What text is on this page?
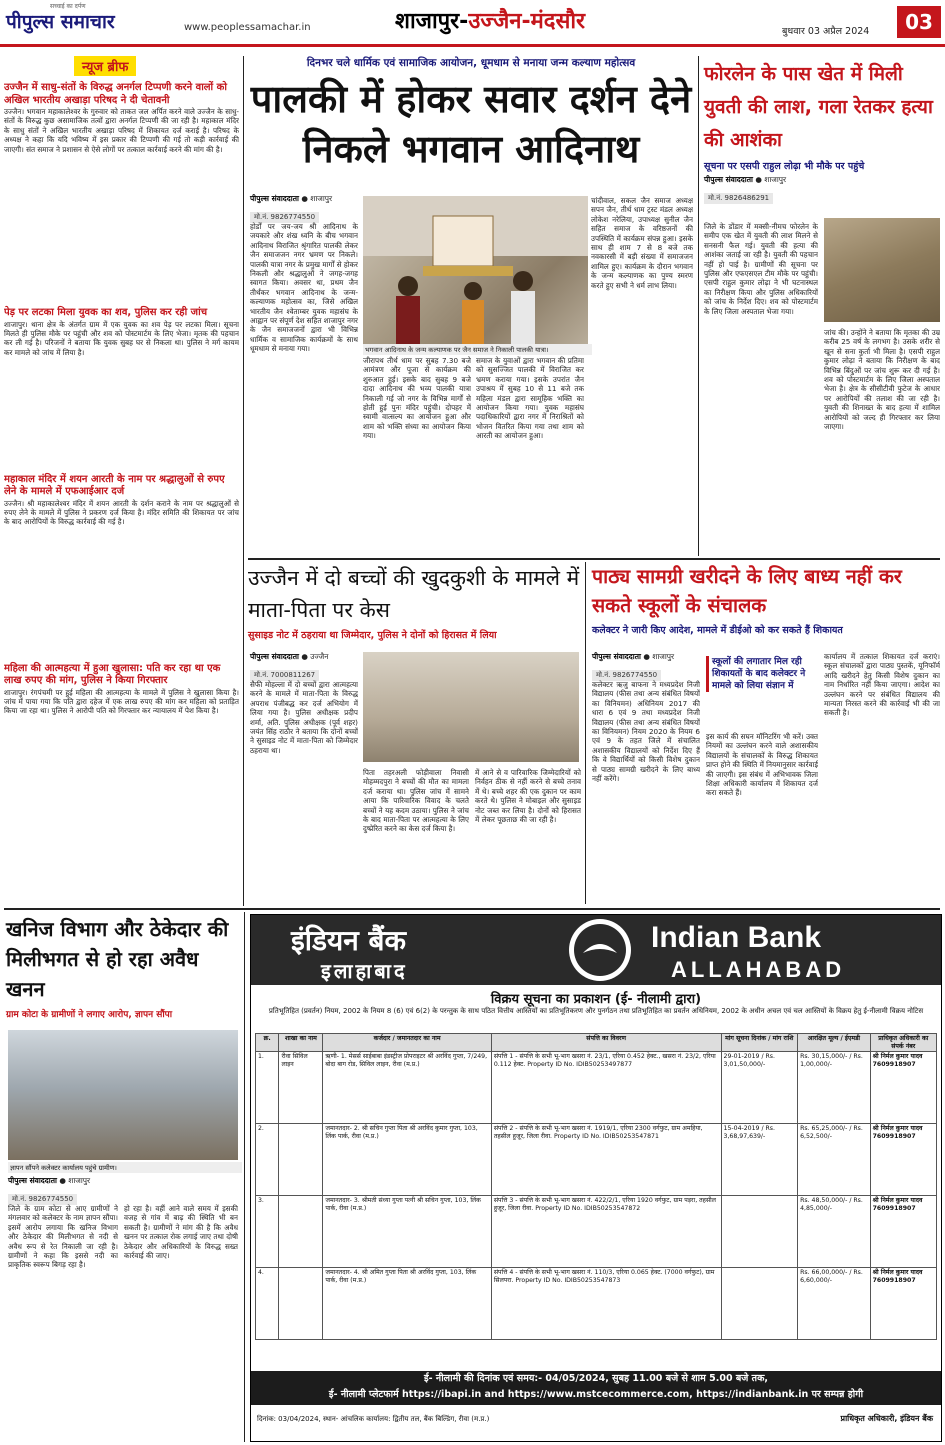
पीपुल्स समाचार
सच्चाई का दर्पण
www.peoplessamachar.in	शाजापुर-उज्जैन-मंदसौर	बुधवार 03 अप्रैल 2024	03
न्यूज ब्रीफ
उज्जैन में साधु-संतों के विरुद्ध अनर्गल टिप्पणी करने वालों को अखिल भारतीय अखाड़ा परिषद ने दी चेतावनी
उज्जैन। भगवान महाकालेश्वर के गुरुवार को ताकत जल अर्पित करने वाले उज्जैन के साधु-संतों के विरुद्ध कुछ असामाजिक तत्वों द्वारा अनर्गल टिप्पणी की जा रही है। महाकाल मंदिर के साधु संतों ने अखिल भारतीय अखाड़ा परिषद में शिकायत दर्ज कराई है। परिषद के अध्यक्ष ने कहा कि यदि भविष्य में इस प्रकार की टिप्पणी की गई तो कड़ी कार्रवाई की जाएगी। संत समाज ने प्रशासन से ऐसे लोगों पर तत्काल कार्रवाई करने की मांग की है।
पेड़ पर लटका मिला युवक का शव, पुलिस कर रही जांच
शाजापुर। थाना क्षेत्र के अंतर्गत ग्राम में एक युवक का शव पेड़ पर लटका मिला। सूचना मिलते ही पुलिस मौके पर पहुंची और शव को पोस्टमार्टम के लिए भेजा। मृतक की पहचान कर ली गई है। परिजनों ने बताया कि युवक सुबह घर से निकला था। पुलिस ने मर्ग कायम कर मामले को जांच में लिया है।
महाकाल मंदिर में शयन आरती के नाम पर श्रद्धालुओं से रुपए लेने के मामले में एफआईआर दर्ज
उज्जैन। श्री महाकालेश्वर मंदिर में शयन आरती के दर्शन कराने के नाम पर श्रद्धालुओं से रुपए लेने के मामले में पुलिस ने प्रकरण दर्ज किया है। मंदिर समिति की शिकायत पर जांच के बाद आरोपियों के विरुद्ध कार्रवाई की गई है।
महिला की आत्महत्या में हुआ खुलासा: पति कर रहा था एक लाख रुपए की मांग, पुलिस ने किया गिरफ्तार
शाजापुर। रंगपंचमी पर हुई महिला की आत्महत्या के मामले में पुलिस ने खुलासा किया है। जांच में पाया गया कि पति द्वारा दहेज में एक लाख रुपए की मांग कर महिला को प्रताड़ित किया जा रहा था। पुलिस ने आरोपी पति को गिरफ्तार कर न्यायालय में पेश किया है।
दिनभर चले धार्मिक एवं सामाजिक आयोजन, धूमधाम से मनाया जन्म कल्याण महोत्सव
पालकी में होकर सवार दर्शन देने निकले भगवान आदिनाथ
पीपुल्स संवाददाता ● शाजापुर
मो.नं. 9826774550
होर्डों पर जय-जय श्री आदिनाथ के जयकारे और शंख ध्वनि के बीच भगवान आदिनाथ विराजित श्रृंगारित पालकी लेकर जैन समाजजन नगर भ्रमण पर निकले। पालकी यात्रा नगर के प्रमुख मार्गों से होकर निकली और श्रद्धालुओं ने जगह-जगह स्वागत किया। अवसर था, प्रथम जैन तीर्थंकर भगवान आदिनाथ के जन्म-कल्याणक महोत्सव का, जिसे अखिल भारतीय जैन श्वेताम्बर युवक महासंघ के आह्वान पर संपूर्ण देश सहित शाजापुर नगर के जैन समाजजनों द्वारा भी विभिन्न धार्मिक व सामाजिक कार्यक्रमों के साथ धूमधाम से मनाया गया।	भगवान आदिनाथ के जन्म कल्याणक पर जैन समाज ने निकाली पालकी यात्रा।
जीरापथ तीर्थ धाम पर सुबह 7.30 बजे आमंत्रण और पूजा से कार्यक्रम की शुरुआत हुई। इसके बाद सुबह 9 बजे दादा आदिनाथ की भव्य पालकी यात्रा निकाली गई जो नगर के विभिन्न मार्गों से होती हुई पुनः मंदिर पहुंची। दोपहर में स्वामी वात्सल्य का आयोजन हुआ और शाम को भक्ति संध्या का आयोजन किया गया।
समाज के युवाओं द्वारा भगवान की प्रतिमा को सुसज्जित पालकी में विराजित कर भ्रमण कराया गया। इसके उपरांत जैन उपाश्रय में सुबह 10 से 11 बजे तक महिला मंडल द्वारा सामूहिक भक्ति का आयोजन किया गया। युवक महासंघ पदाधिकारियों द्वारा नगर में निराश्रितों को भोजन वितरित किया गया तथा शाम को आरती का आयोजन हुआ।
चांदीवाल, सकल जैन समाज अध्यक्ष सपन जैन, तीर्थ धाम ट्रस्ट मंडल अध्यक्ष लोकेश नरेलिया, उपाध्यक्ष सुनील जैन सहित समाज के वरिष्ठजनों की उपस्थिति में कार्यक्रम संपन्न हुआ। इसके साथ ही शाम 7 से 8 बजे तक नवकारसी में बड़ी संख्या में समाजजन शामिल हुए। कार्यक्रम के दौरान भगवान के जन्म कल्याणक का पुण्य स्मरण करते हुए सभी ने धर्म लाभ लिया।
फोरलेन के पास खेत में मिली युवती की लाश, गला रेतकर हत्या की आशंका
सूचना पर एसपी राहुल लोढ़ा भी मौके पर पहुंचे
पीपुल्स संवाददाता ● शाजापुर
मो.नं. 9826486291
जिले के डोंडार में मक्सी-नीमच फोरलेन के समीप एक खेत में युवती की लाश मिलने से सनसनी फैल गई। युवती की हत्या की आशंका जताई जा रही है। युवती की पहचान नहीं हो पाई है। ग्रामीणों की सूचना पर पुलिस और एफएसएल टीम मौके पर पहुंची। एसपी राहुल कुमार लोढ़ा ने भी घटनास्थल का निरीक्षण किया और पुलिस अधिकारियों को जांच के निर्देश दिए। शव को पोस्टमार्टम के लिए जिला अस्पताल भेजा गया।
जांच की। उन्होंने ने बताया कि मृतका की उम्र करीब 25 वर्ष के लगभग है। उसके शरीर से खून से सना कुर्ता भी मिला है। एसपी राहुल कुमार लोढ़ा ने बताया कि निरीक्षण के बाद विभिन्न बिंदुओं पर जांच शुरू कर दी गई है। शव को पोस्टमार्टम के लिए जिला अस्पताल भेजा है। क्षेत्र के सीसीटीवी फुटेज के आधार पर आरोपियों की तलाश की जा रही है। युवती की शिनाख्त के बाद हत्या में शामिल आरोपियों को जल्द ही गिरफ्तार कर लिया जाएगा।
उज्जैन में दो बच्चों की खुदकुशी के मामले में माता-पिता पर केस
सुसाइड नोट में ठहराया था जिम्मेदार, पुलिस ने दोनों को हिरासत में लिया
पीपुल्स संवाददाता ● उज्जैन
मो.नं. 7000811267
सैफी मोहल्ला में दो बच्चों द्वारा आत्महत्या करने के मामले में माता-पिता के विरुद्ध अपराध पंजीबद्ध कर दर्ज अभियोग में लिया गया है। पुलिस अधीक्षक प्रदीप शर्मा, अति. पुलिस अधीक्षक (पूर्व शहर) जयंत सिंह राठौर ने बताया कि दोनों बच्चों ने सुसाइड नोट में माता-पिता को जिम्मेदार ठहराया था।
पिता तहरअली फोड़ीवाला निवासी मोहम्मदपुरा ने बच्चों की मौत का मामला दर्ज कराया था। पुलिस जांच में सामने आया कि पारिवारिक विवाद के चलते बच्चों ने यह कदम उठाया। पुलिस ने जांच के बाद माता-पिता पर आत्महत्या के लिए दुष्प्रेरित करने का केस दर्ज किया है।
में आने से व पारिवारिक जिम्मेदारियों को निर्वहन ठीक से नहीं करने से बच्चे तनाव में थे। बच्चे शहर की एक दुकान पर काम करते थे। पुलिस ने मोबाइल और सुसाइड नोट जब्त कर लिया है। दोनों को हिरासत में लेकर पूछताछ की जा रही है।
पाठ्य सामग्री खरीदने के लिए बाध्य नहीं कर सकते स्कूलों के संचालक
कलेक्टर ने जारी किए आदेश, मामले में डीईओ को कर सकते हैं शिकायत
पीपुल्स संवाददाता ● शाजापुर
मो.नं. 9826774550
कलेक्टर ऋजु बाफना ने मध्यप्रदेश निजी विद्यालय (फीस तथा अन्य संबंधित विषयों का विनियमन) अधिनियम 2017 की धारा 6 एवं 9 तथा मध्यप्रदेश निजी विद्यालय (फीस तथा अन्य संबंधित विषयों का विनियमन) नियम 2020 के नियम 6 एवं 9 के तहत जिले में संचालित अशासकीय विद्यालयों को निर्देश दिए हैं कि वे विद्यार्थियों को किसी विशेष दुकान से पाठ्य सामग्री खरीदने के लिए बाध्य नहीं करेंगे।
स्कूलों की लगातार मिल रही शिकायतों के बाद कलेक्टर ने मामले को लिया संज्ञान में
इस कार्य की सघन मॉनिटरिंग भी करें। उक्त नियमों का उल्लंघन करने वाले अशासकीय विद्यालयों के संचालकों के विरुद्ध शिकायत प्राप्त होने की स्थिति में नियमानुसार कार्रवाई की जाएगी। इस संबंध में अभिभावक जिला शिक्षा अधिकारी कार्यालय में शिकायत दर्ज करा सकते हैं।
कार्यालय में तत्काल शिकायत दर्ज कराएं। स्कूल संचालकों द्वारा पाठ्य पुस्तकें, यूनिफॉर्म आदि खरीदने हेतु किसी विशेष दुकान का नाम निर्धारित नहीं किया जाएगा। आदेश का उल्लंघन करने पर संबंधित विद्यालय की मान्यता निरस्त करने की कार्रवाई भी की जा सकती है।
खनिज विभाग और ठेकेदार की मिलीभगत से हो रहा अवैध खनन
ग्राम कोटा के ग्रामीणों ने लगाए आरोप, ज्ञापन सौंपा
ज्ञापन सौंपने कलेक्टर कार्यालय पहुंचे ग्रामीण।
पीपुल्स संवाददाता ● शाजापुर
मो.नं. 9826774550
जिले के ग्राम कोटा से आए ग्रामीणों ने मंगलवार को कलेक्टर के नाम ज्ञापन सौंपा। इसमें आरोप लगाया कि खनिज विभाग और ठेकेदार की मिलीभगत से नदी से अवैध रूप से रेत निकाली जा रही है। ग्रामीणों ने कहा कि इससे नदी का प्राकृतिक स्वरूप बिगड़ रहा है।
हो रहा है। वहीं आने वाले समय में इसकी वजह से गांव में बाढ़ की स्थिति भी बन सकती है। ग्रामीणों ने मांग की है कि अवैध खनन पर तत्काल रोक लगाई जाए तथा दोषी ठेकेदार और अधिकारियों के विरुद्ध सख्त कार्रवाई की जाए।
इंडियन बैंक	Indian Bank
इलाहाबाद	ALLAHABAD
विक्रय सूचना का प्रकाशन (ई- नीलामी द्वारा)
प्रतिभूतिहित (प्रवर्तन) नियम, 2002 के नियम 8 (6) एवं 6(2) के परन्तुक के साथ पठित वित्तीय आस्तियों का प्रतिभूतिकरण और पुनर्गठन तथा प्रतिभूतिहित का प्रवर्तन अधिनियम, 2002 के अधीन अचल एवं चल आस्तियों के विक्रय हेतु ई-नीलामी विक्रय नोटिस
क्र.	शाखा का नाम	कर्जदार / जमानतदार का नाम	संपत्ति का विवरण	मांग सूचना दिनांक / मांग राशि	आरक्षित मूल्य / ईएमडी	प्राधिकृत अधिकारी का संपर्क नंबर
1.	रीवा सिविल लाइन	ऋणी- 1. मेसर्स साईबाबा इंडस्ट्रीज प्रोपराइटर श्री अरविंद गुप्ता, 7/249, बोदा बाग रोड, सिविल लाइन, रीवा (म.प्र.)	संपत्ति 1 - संपत्ति के सभी भू-भाग खसरा नं. 23/1, एरिया 0.452 हेक्ट., खसरा नं. 23/2, एरिया 0.112 हेक्ट. Property ID No. IDIB50253497877	29-01-2019 / Rs. 3,01,50,000/-	Rs. 30,15,000/- / Rs. 1,00,000/-	श्री निर्मल कुमार यादव 7609918907
2.		जमानतदार- 2. श्री सचिन गुप्ता पिता श्री अरविंद कुमार गुप्ता, 103, लिंक पार्क, रीवा (म.प्र.)	संपत्ति 2 - संपत्ति के सभी भू-भाग खसरा नं. 1919/1, एरिया 2300 वर्गफुट, ग्राम अमहिया, तहसील हुजूर, जिला रीवा. Property ID No. IDIB50253547871	15-04-2019 / Rs. 3,68,97,639/-	Rs. 65,25,000/- / Rs. 6,52,500/-	श्री निर्मल कुमार यादव 7609918907
3.		जमानतदार- 3. श्रीमती संध्या गुप्ता पत्नी श्री सचिन गुप्ता, 103, लिंक पार्क, रीवा (म.प्र.)	संपत्ति 3 - संपत्ति के सभी भू-भाग खसरा नं. 422/2/1, एरिया 1920 वर्गफुट, ग्राम पड़रा, तहसील हुजूर, जिला रीवा. Property ID No. IDIB50253547872		Rs. 48,50,000/- / Rs. 4,85,000/-	श्री निर्मल कुमार यादव 7609918907
4.		जमानतदार- 4. श्री अमित गुप्ता पिता श्री अरविंद गुप्ता, 103, लिंक पार्क, रीवा (म.प्र.)	संपत्ति 4 - संपत्ति के सभी भू-भाग खसरा नं. 110/3, एरिया 0.065 हेक्ट. (7000 वर्गफुट), ग्राम सिलपरा. Property ID No. IDIB50253547873		Rs. 66,00,000/- / Rs. 6,60,000/-	श्री निर्मल कुमार यादव 7609918907
ई- नीलामी की दिनांक एवं समय:- 04/05/2024, सुबह 11.00 बजे से शाम 5.00 बजे तक,
ई- नीलामी प्लेटफार्म https://ibapi.in and https://www.mstcecommerce.com, https://indianbank.in पर सम्पन्न होगी
दिनांक: 03/04/2024, स्थान- आंचलिक कार्यालय: द्वितीय तल, बैंक बिल्डिंग, रीवा (म.प्र.)	प्राधिकृत अधिकारी, इंडियन बैंक
